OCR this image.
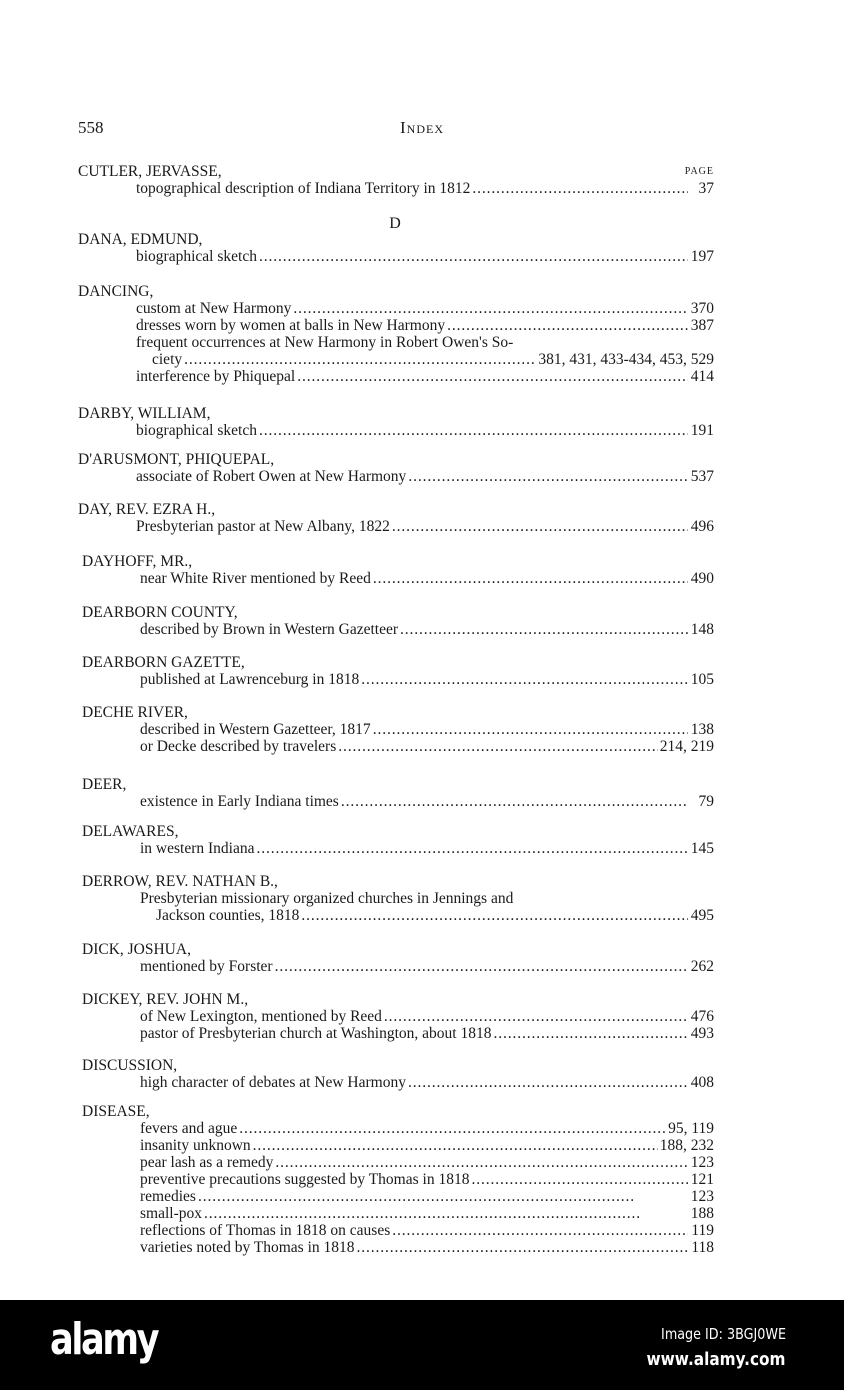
558	Index
PAGE
D
CUTLER, JERVASSE,
topographical description of Indiana Territory in 1812 . . .	37
DANA, EDMUND,
biographical sketch . . .	197
DANCING,
custom at New Harmony . . .	370
dresses worn by women at balls in New Harmony . . .	387
frequent occurrences at New Harmony in Robert Owen's So-
ciety . . .	381, 431, 433-434, 453, 529
interference by Phiquepal . . .	414
DARBY, WILLIAM,
biographical sketch . . .	191
D'ARUSMONT, PHIQUEPAL,
associate of Robert Owen at New Harmony . . .	537
DAY, REV. EZRA H.,
Presbyterian pastor at New Albany, 1822 . . .	496
DAYHOFF, MR.,
near White River mentioned by Reed . . .	490
DEARBORN COUNTY,
described by Brown in Western Gazetteer . . .	148
DEARBORN GAZETTE,
published at Lawrenceburg in 1818 . . .	105
DECHE RIVER,
described in Western Gazetteer, 1817 . . .	138
or Decke described by travelers . . .	214, 219
DEER,
existence in Early Indiana times . . .	79
DELAWARES,
in western Indiana . . .	145
DERROW, REV. NATHAN B.,
Presbyterian missionary organized churches in Jennings and
Jackson counties, 1818 . . .	495
DICK, JOSHUA,
mentioned by Forster . . .	262
DICKEY, REV. JOHN M.,
of New Lexington, mentioned by Reed . . .	476
pastor of Presbyterian church at Washington, about 1818 . . .	493
DISCUSSION,
high character of debates at New Harmony . . .	408
DISEASE,
fevers and ague . . .	95, 119
insanity unknown . . .	188, 232
pear lash as a remedy . . .	123
preventive precautions suggested by Thomas in 1818 . . .	121
remedies . . .	123
small-pox . . .	188
reflections of Thomas in 1818 on causes . . .	119
varieties noted by Thomas in 1818 . . .	118
alamy	Image ID: 3BGJ0WE
www.alamy.com
